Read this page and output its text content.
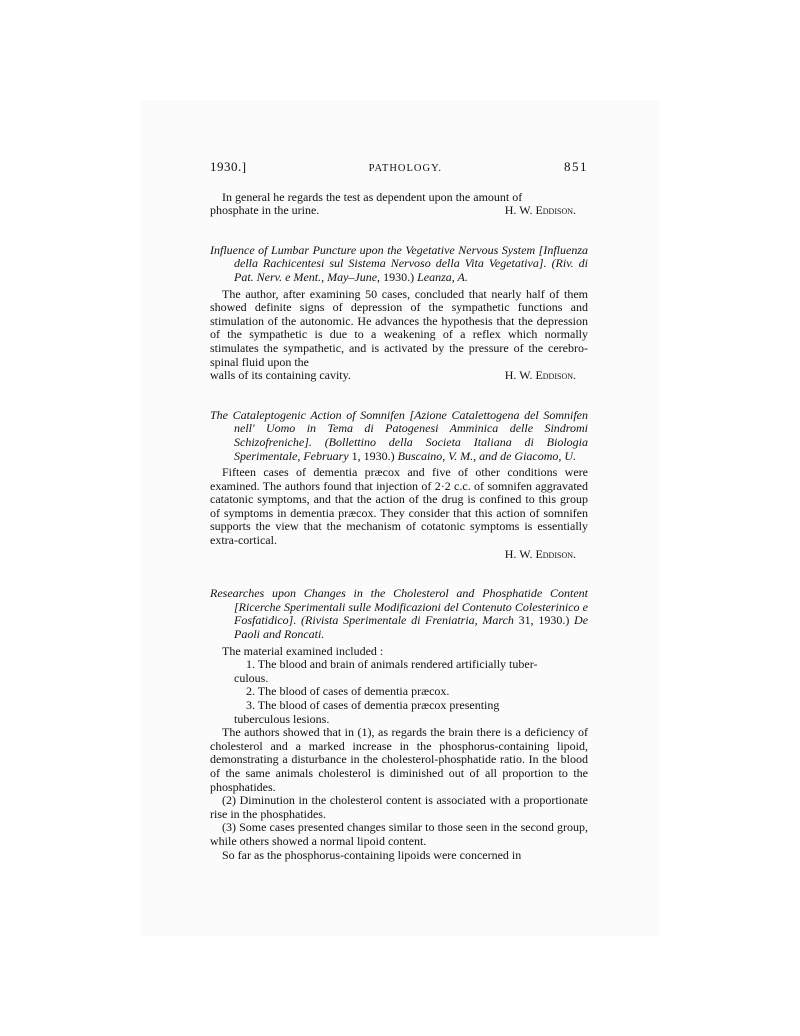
1930.]	PATHOLOGY.	851

In general he regards the test as dependent upon the amount of

phosphate in the urine.	H. W. Eddison.

Influence of Lumbar Puncture upon the Vegetative Nervous System [Influenza della Rachicentesi sul Sistema Nervoso della Vita Vegetativa]. (Riv. di Pat. Nerv. e Ment., May–June, 1930.) Leanza, A.

The author, after examining 50 cases, concluded that nearly half of them showed definite signs of depression of the sympathetic functions and stimulation of the autonomic. He advances the hypothesis that the depression of the sympathetic is due to a weakening of a reflex which normally stimulates the sympathetic, and is activated by the pressure of the cerebro-spinal fluid upon the

walls of its containing cavity.	H. W. Eddison.

The Cataleptogenic Action of Somnifen [Azione Catalettogena del Somnifen nell' Uomo in Tema di Patogenesi Amminica delle Sindromi Schizofreniche]. (Bollettino della Societa Italiana di Biologia Sperimentale, February 1, 1930.) Buscaino, V. M., and de Giacomo, U.

Fifteen cases of dementia præcox and five of other conditions were examined. The authors found that injection of 2·2 c.c. of somnifen aggravated catatonic symptoms, and that the action of the drug is confined to this group of symptoms in dementia præcox. They consider that this action of somnifen supports the view that the mechanism of cotatonic symptoms is essentially extra-cortical.

H. W. Eddison.

Researches upon Changes in the Cholesterol and Phosphatide Content [Ricerche Sperimentali sulle Modificazioni del Contenuto Colesterinico e Fosfatidico]. (Rivista Sperimentale di Freniatria, March 31, 1930.) De Paoli and Roncati.

The material examined included :

1. The blood and brain of animals rendered artificially tuber-
culous.

2. The blood of cases of dementia præcox.

3. The blood of cases of dementia præcox presenting
tuberculous lesions.

The authors showed that in (1), as regards the brain there is a deficiency of cholesterol and a marked increase in the phosphorus-containing lipoid, demonstrating a disturbance in the cholesterol-phosphatide ratio. In the blood of the same animals cholesterol is diminished out of all proportion to the phosphatides.

(2) Diminution in the cholesterol content is associated with a proportionate rise in the phosphatides.

(3) Some cases presented changes similar to those seen in the second group, while others showed a normal lipoid content.

So far as the phosphorus-containing lipoids were concerned in
